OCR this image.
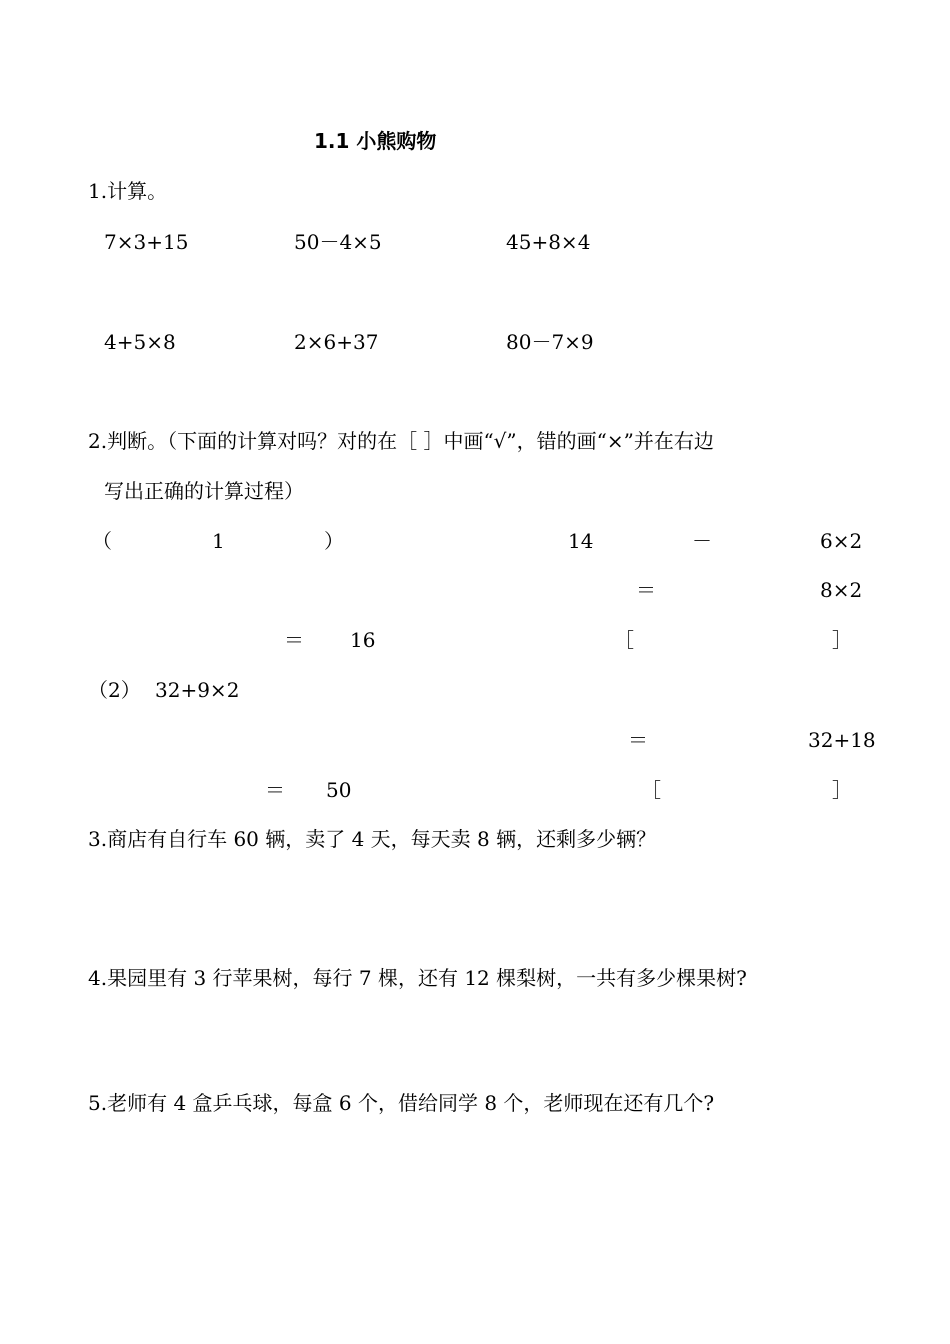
1.1 小熊购物
1.计算。
7×3+15	50－4×5	45+8×4
4+5×8	2×6+37	80－7×9
2.判断。（下面的计算对吗？对的在［ ］中画“√”，错的画“×”并在右边
写出正确的计算过程）
（	1	）	14	－	6×2
＝	8×2
＝ 16	［	］
（2） 32+9×2
＝	32+18
＝ 50	［	］
3.商店有自行车 60 辆，卖了 4 天，每天卖 8 辆，还剩多少辆？
4.果园里有 3 行苹果树，每行 7 棵，还有 12 棵梨树，一共有多少棵果树?
5.老师有 4 盒乒乓球，每盒 6 个，借给同学 8 个，老师现在还有几个?
